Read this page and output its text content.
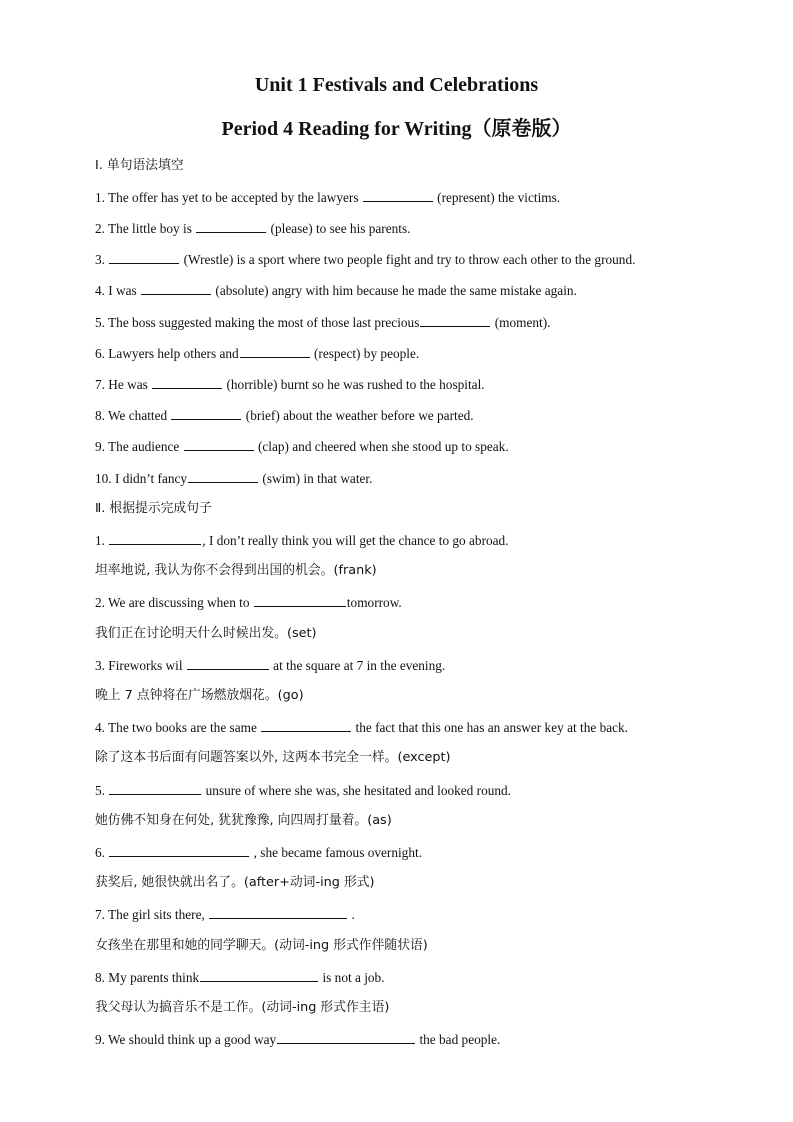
Unit 1 Festivals and Celebrations
Period 4 Reading for Writing（原卷版）
Ⅰ. 单句语法填空
1. The offer has yet to be accepted by the lawyers	(represent) the victims.
2. The little boy is	(please) to see his parents.
3.	(Wrestle) is a sport where two people fight and try to throw each other to the ground.
4. I was	(absolute) angry with him because he made the same mistake again.
5. The boss suggested making the most of those last precious	(moment).
6. Lawyers help others and	(respect) by people.
7. He was	(horrible) burnt so he was rushed to the hospital.
8. We chatted	(brief) about the weather before we parted.
9. The audience	(clap) and cheered when she stood up to speak.
10. I didn’t fancy	(swim) in that water.
Ⅱ. 根据提示完成句子
1.	, I don’t really think you will get the chance to go abroad.
坦率地说, 我认为你不会得到出国的机会。(frank)
2. We are discussing when to	tomorrow.
我们正在讨论明天什么时候出发。(set)
3. Fireworks wil	at the square at 7 in the evening.
晚上 7 点钟将在广场燃放烟花。(go)
4. The two books are the same	the fact that this one has an answer key at the back.
除了这本书后面有问题答案以外, 这两本书完全一样。(except)
5.	unsure of where she was, she hesitated and looked round.
她仿佛不知身在何处, 犹犹豫豫, 向四周打量着。(as)
6.	, she became famous overnight.
获奖后, 她很快就出名了。(after+动词-ing 形式)
7. The girl sits there,	.
女孩坐在那里和她的同学聊天。(动词-ing 形式作伴随状语)
8. My parents think	is not a job.
我父母认为搞音乐不是工作。(动词-ing 形式作主语)
9. We should think up a good way	the bad people.
